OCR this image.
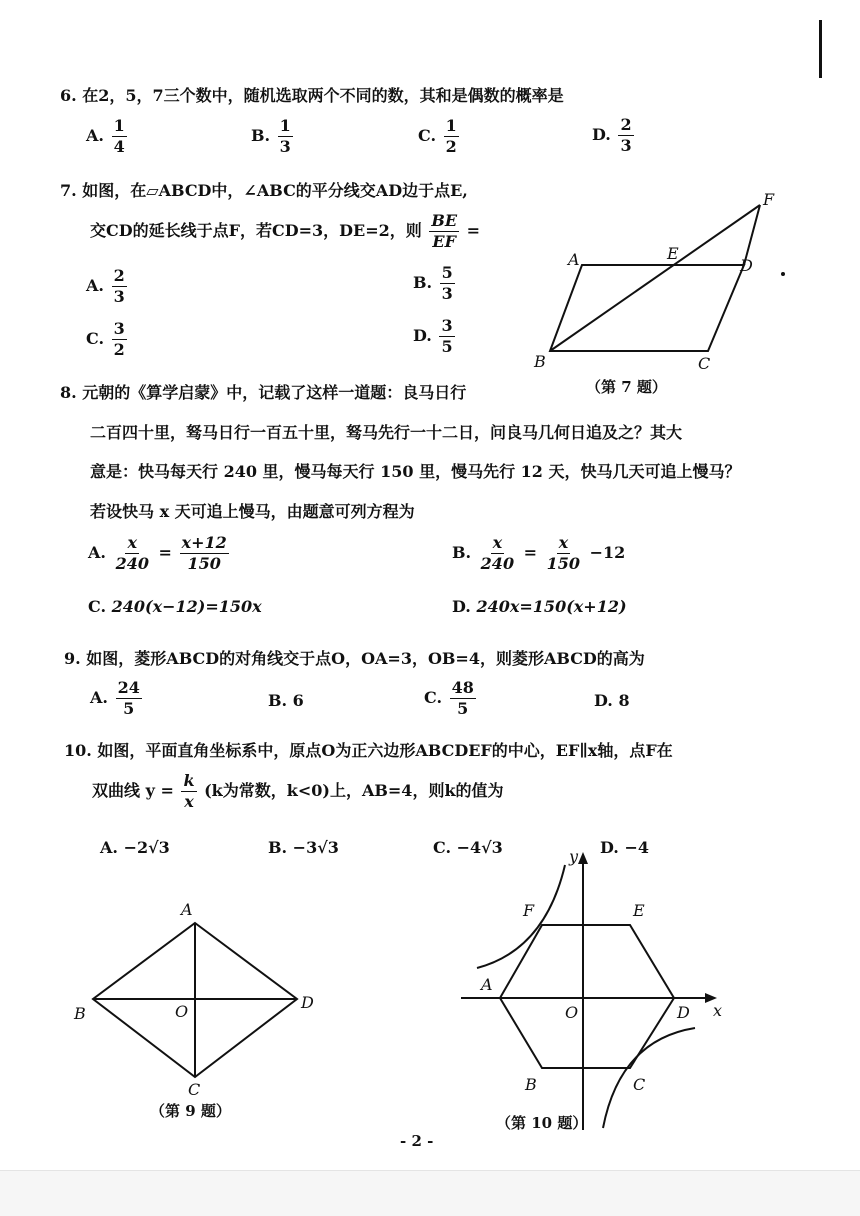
6. 在2，5，7三个数中，随机选取两个不同的数，其和是偶数的概率是
A. $\frac{1}{4}$	B. $\frac{1}{3}$	C. $\frac{1}{2}$	D. $\frac{2}{3}$
7. 如图，在▱ABCD中，∠ABC的平分线交AD边于点E,
交CD的延长线于点F，若CD=3，DE=2，则 $\frac{BE}{EF}$ =
A. $\frac{2}{3}$	B. $\frac{5}{3}$
C. $\frac{3}{2}$	D. $\frac{3}{5}$
A	E
D
F
B	C
（第 7 题）
8. 元朝的《算学启蒙》中，记载了这样一道题：良马日行
二百四十里，驽马日行一百五十里，驽马先行一十二日，问良马几何日追及之？其大
意是：快马每天行 240 里，慢马每天行 150 里，慢马先行 12 天，快马几天可追上慢马？
若设快马 x 天可追上慢马，由题意可列方程为
A. $\frac{x}{240} = \frac{x+12}{150}$	B. $\frac{x}{240} = \frac{x}{150} -12$
C. 240(x−12)=150x	D. 240x=150(x+12)
9. 如图，菱形ABCD的对角线交于点O，OA=3，OB=4，则菱形ABCD的高为
A. $\frac{24}{5}$	B. 6	C. $\frac{48}{5}$	D. 8
10. 如图，平面直角坐标系中，原点O为正六边形ABCDEF的中心，EF∥x轴，点F在
双曲线 $y = \frac{k}{x} (k$为常数，k<0)上，AB=4，则k的值为
A. −2√3	B. −3√3	C. −4√3	D. −4
A
B	O	D
C
（第 9 题）
y
F	E
A
O	D x
B	C
（第 10 题）
- 2 -
